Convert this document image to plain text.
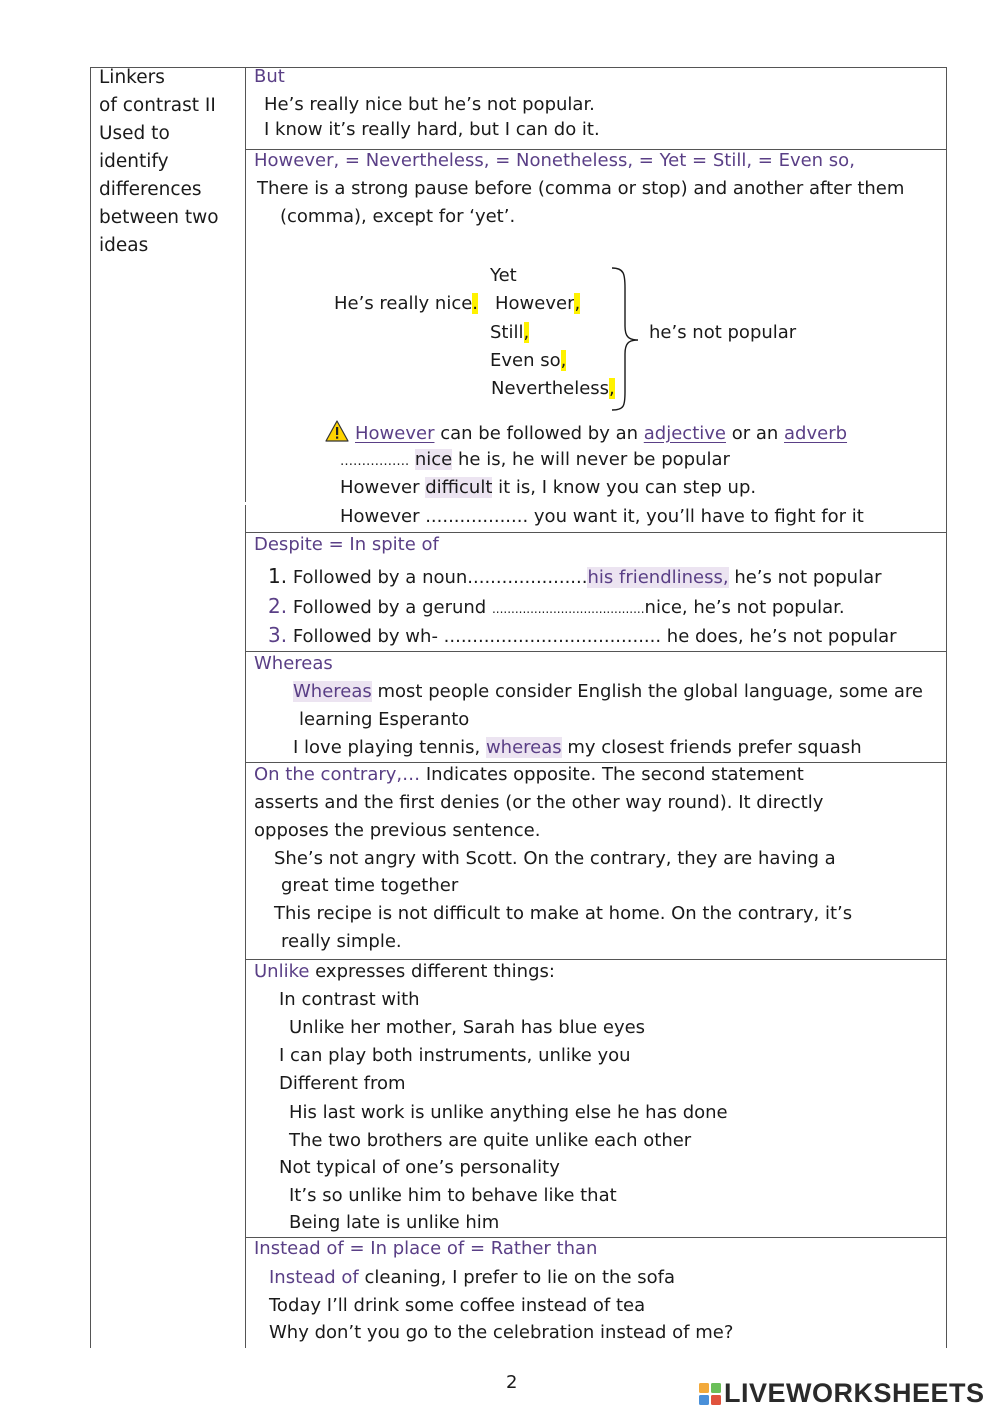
Linkers
of contrast II
Used to
identify
differences
between two
ideas
But
He’s really nice but he’s not popular.
I know it’s really hard, but I can do it.
However, = Nevertheless, = Nonetheless, = Yet = Still, = Even so,
There is a strong pause before (comma or stop) and another after them
(comma), except for ‘yet’.
He’s really nice.
Yet
However,
Still,
Even so,
Nevertheless,
he’s not popular
However can be followed by an adjective or an adverb
……………. nice he is, he will never be popular
However difficult it is, I know you can step up.
However .................. you want it, you’ll have to fight for it
Despite = In spite of
1. Followed by a noun.....................his friendliness, he’s not popular
2. Followed by a gerund ........................................nice, he’s not popular.
3. Followed by wh- ...................................... he does, he’s not popular
Whereas
Whereas most people consider English the global language, some are
learning Esperanto
I love playing tennis, whereas my closest friends prefer squash
On the contrary,… Indicates opposite. The second statement
asserts and the first denies (or the other way round). It directly
opposes the previous sentence.
She’s not angry with Scott. On the contrary, they are having a
great time together
This recipe is not difficult to make at home. On the contrary, it’s
really simple.
Unlike expresses different things:
In contrast with
Unlike her mother, Sarah has blue eyes
I can play both instruments, unlike you
Different from
His last work is unlike anything else he has done
The two brothers are quite unlike each other
Not typical of one’s personality
It’s so unlike him to behave like that
Being late is unlike him
Instead of = In place of = Rather than
Instead of cleaning, I prefer to lie on the sofa
Today I’ll drink some coffee instead of tea
Why don’t you go to the celebration instead of me?
2	LIVEWORKSHEETS
